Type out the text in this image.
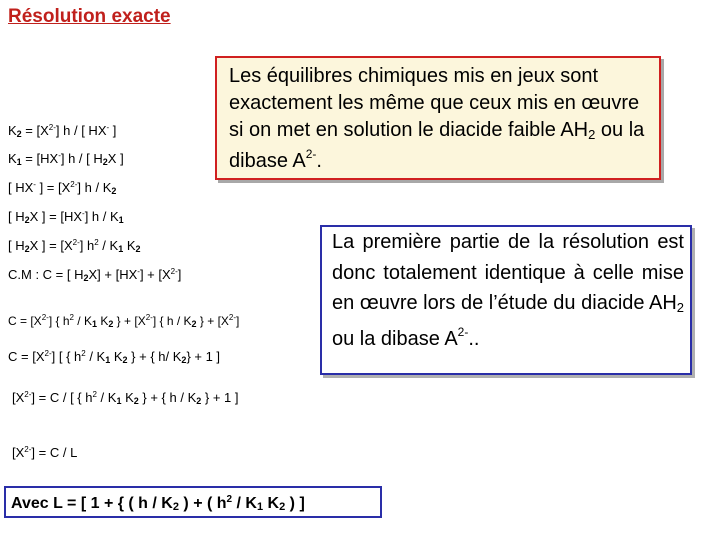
Résolution exacte
$K_2 = [X^{2-}]$ h / [ HX- ]
$K_1 = [HX^-]$ h / [ $H_2X$ ]
[ HX- ] = $[X^{2-}]$ h / $K_2$
[ $H_2X$ ] = [HX-] h / $K_1$
[ $H_2X$ ] = $[X^{2-}]$ $h^2 / K_1$ $K_2$
C.M : C = [ $H_2X] + [HX^-] + [X^{2-}]$
$C = [X^{2-}]$ { $h^2 / K_1$ $K_2$ } + $[X^{2-}]$ { h / $K_2$ } + $[X^{2-}]$
$C = [X^{2-}]$ [ { $h^2 / K_1$ $K_2$ } + { h/ $K_2\} + 1$ ]
$[X^{2-}] = C$ / [ { $h^2 / K_1$ $K_2$ } + { h / $K_2$ } + 1 ]
$[X^{2-}] = C / L$
Les équilibres chimiques mis en jeux sont exactement les même que ceux mis en œuvre si on met en solution le diacide faible $AH_2$ ou la dibase $A^{2-}$.
La première partie de la résolution est donc totalement identique à celle mise en œuvre lors de l’étude du diacide $AH_2$ ou la dibase $A^{2-}$..
Avec L = [ 1 + { ( h / $K_2$ ) + ( $h^2 / K_1$ $K_2$ ) ]
